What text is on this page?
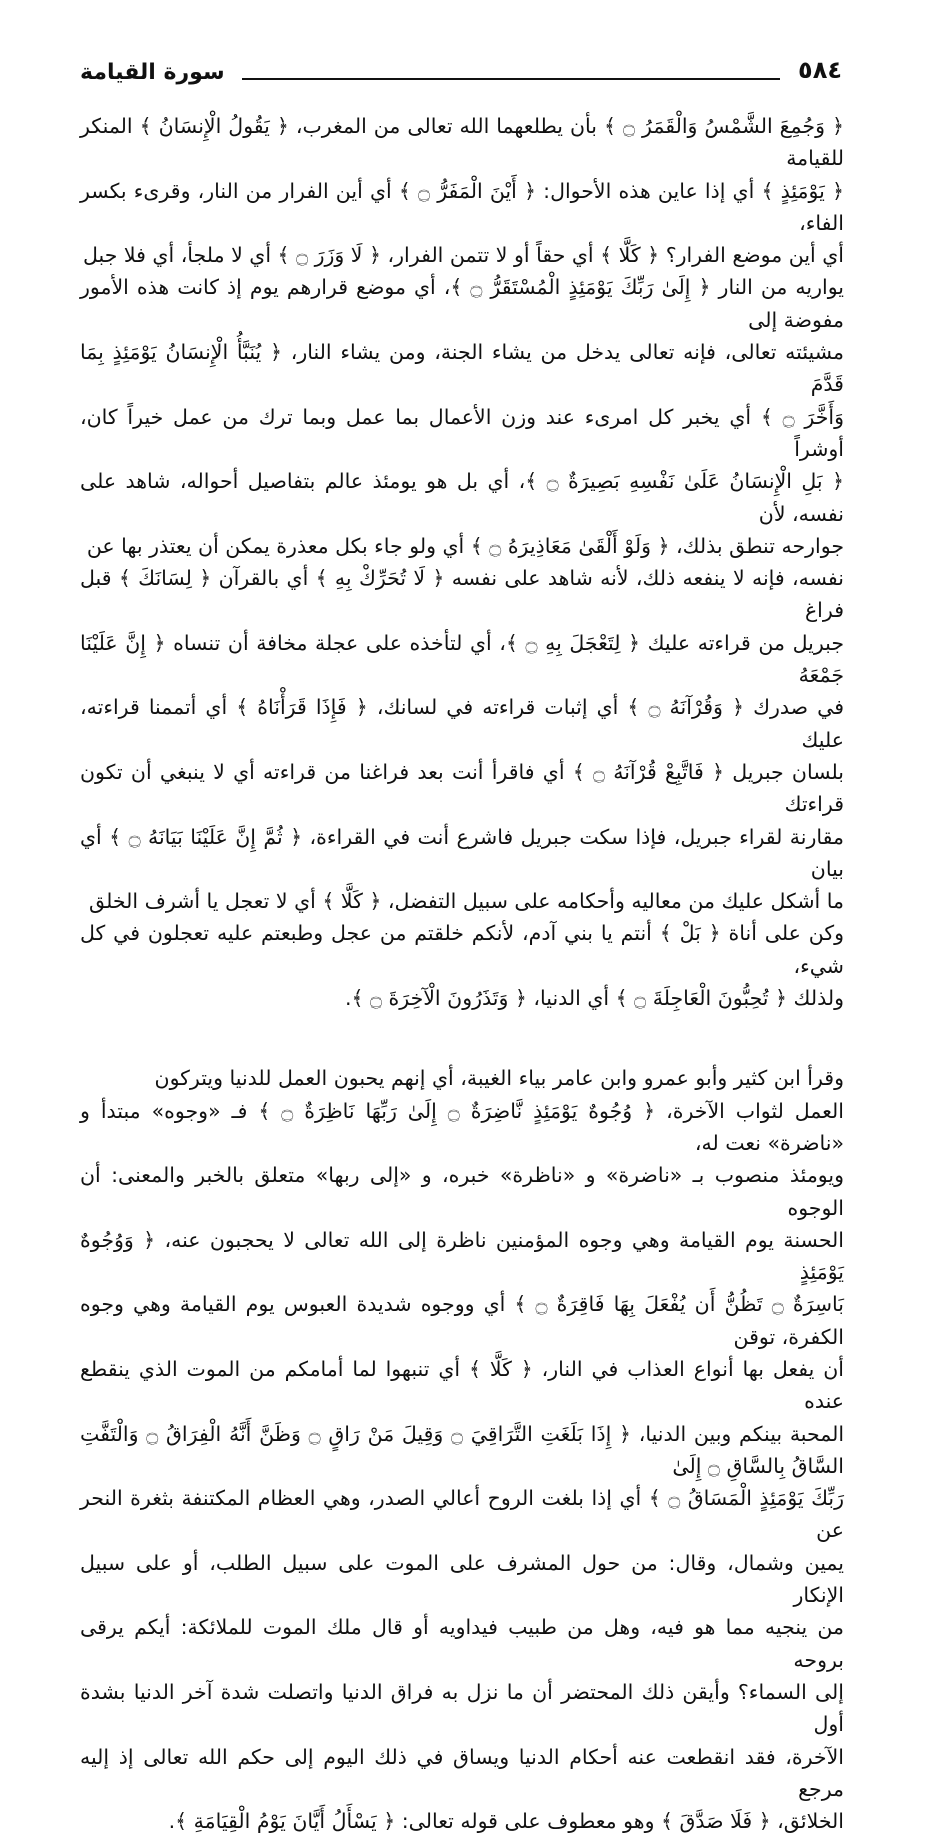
سورة القيامة	٥٨٤

﴿ وَجُمِعَ الشَّمْسُ وَالْقَمَرُ ۝ ﴾ بأن يطلعهما الله تعالى من المغرب، ﴿ يَقُولُ الْإِنسَانُ ﴾ المنكر للقيامة

﴿ يَوْمَئِذٍ ﴾ أي إذا عاين هذه الأحوال: ﴿ أَيْنَ الْمَفَرُّ ۝ ﴾ أي أين الفرار من النار، وقرىء بكسر الفاء،

أي أين موضع الفرار؟ ﴿ كَلَّا ﴾ أي حقاً أو لا تتمن الفرار، ﴿ لَا وَزَرَ ۝ ﴾ أي لا ملجأ، أي فلا جبل

يواريه من النار ﴿ إِلَىٰ رَبِّكَ يَوْمَئِذٍ الْمُسْتَقَرُّ ۝ ﴾، أي موضع قرارهم يوم إذ كانت هذه الأمور مفوضة إلى

مشيئته تعالى، فإنه تعالى يدخل من يشاء الجنة، ومن يشاء النار، ﴿ يُنَبَّأُ الْإِنسَانُ يَوْمَئِذٍ بِمَا قَدَّمَ

وَأَخَّرَ ۝ ﴾ أي يخبر كل امرىء عند وزن الأعمال بما عمل وبما ترك من عمل خيراً كان، أوشراً

﴿ بَلِ الْإِنسَانُ عَلَىٰ نَفْسِهِ بَصِيرَةٌ ۝ ﴾، أي بل هو يومئذ عالم بتفاصيل أحواله، شاهد على نفسه، لأن

جوارحه تنطق بذلك، ﴿ وَلَوْ أَلْقَىٰ مَعَاذِيرَهُ ۝ ﴾ أي ولو جاء بكل معذرة يمكن أن يعتذر بها عن

نفسه، فإنه لا ينفعه ذلك، لأنه شاهد على نفسه ﴿ لَا تُحَرِّكْ بِهِ ﴾ أي بالقرآن ﴿ لِسَانَكَ ﴾ قبل فراغ

جبريل من قراءته عليك ﴿ لِتَعْجَلَ بِهِ ۝ ﴾، أي لتأخذه على عجلة مخافة أن تنساه ﴿ إِنَّ عَلَيْنَا جَمْعَهُ

في صدرك ﴿ وَقُرْآنَهُ ۝ ﴾ أي إثبات قراءته في لسانك، ﴿ فَإِذَا قَرَأْنَاهُ ﴾ أي أتممنا قراءته، عليك

بلسان جبريل ﴿ فَاتَّبِعْ قُرْآنَهُ ۝ ﴾ أي فاقرأ أنت بعد فراغنا من قراءته أي لا ينبغي أن تكون قراءتك

مقارنة لقراء جبريل، فإذا سكت جبريل فاشرع أنت في القراءة، ﴿ ثُمَّ إِنَّ عَلَيْنَا بَيَانَهُ ۝ ﴾ أي بيان

ما أشكل عليك من معاليه وأحكامه على سبيل التفضل، ﴿ كَلَّا ﴾ أي لا تعجل يا أشرف الخلق

وكن على أناة ﴿ بَلْ ﴾ أنتم يا بني آدم، لأنكم خلقتم من عجل وطبعتم عليه تعجلون في كل شيء،

ولذلك ﴿ تُحِبُّونَ الْعَاجِلَةَ ۝ ﴾ أي الدنيا، ﴿ وَتَذَرُونَ الْآخِرَةَ ۝ ﴾.

وقرأ ابن كثير وأبو عمرو وابن عامر بياء الغيبة، أي إنهم يحبون العمل للدنيا ويتركون

العمل لثواب الآخرة، ﴿ وُجُوهٌ يَوْمَئِذٍ نَّاضِرَةٌ ۝ إِلَىٰ رَبِّهَا نَاظِرَةٌ ۝ ﴾ فـ «وجوه» مبتدأ و «ناضرة» نعت له،

ويومئذ منصوب بـ «ناضرة» و «ناظرة» خبره، و «إلى ربها» متعلق بالخبر والمعنى: أن الوجوه

الحسنة يوم القيامة وهي وجوه المؤمنين ناظرة إلى الله تعالى لا يحجبون عنه، ﴿ وَوُجُوهٌ يَوْمَئِذٍ

بَاسِرَةٌ ۝ تَظُنُّ أَن يُفْعَلَ بِهَا فَاقِرَةٌ ۝ ﴾ أي ووجوه شديدة العبوس يوم القيامة وهي وجوه الكفرة، توقن

أن يفعل بها أنواع العذاب في النار، ﴿ كَلَّا ﴾ أي تنبهوا لما أمامكم من الموت الذي ينقطع عنده

المحبة بينكم وبين الدنيا، ﴿ إِذَا بَلَغَتِ التَّرَاقِيَ ۝ وَقِيلَ مَنْ رَاقٍ ۝ وَظَنَّ أَنَّهُ الْفِرَاقُ ۝ وَالْتَفَّتِ السَّاقُ بِالسَّاقِ ۝ إِلَىٰ

رَبِّكَ يَوْمَئِذٍ الْمَسَاقُ ۝ ﴾ أي إذا بلغت الروح أعالي الصدر، وهي العظام المكتنفة بثغرة النحر عن

يمين وشمال، وقال: من حول المشرف على الموت على سبيل الطلب، أو على سبيل الإنكار

من ينجيه مما هو فيه، وهل من طبيب فيداويه أو قال ملك الموت للملائكة: أيكم يرقى بروحه

إلى السماء؟ وأيقن ذلك المحتضر أن ما نزل به فراق الدنيا واتصلت شدة آخر الدنيا بشدة أول

الآخرة، فقد انقطعت عنه أحكام الدنيا ويساق في ذلك اليوم إلى حكم الله تعالى إذ إليه مرجع

الخلائق، ﴿ فَلَا صَدَّقَ ﴾ وهو معطوف على قوله تعالى: ﴿ يَسْأَلُ أَيَّانَ يَوْمُ الْقِيَامَةِ ﴾.
